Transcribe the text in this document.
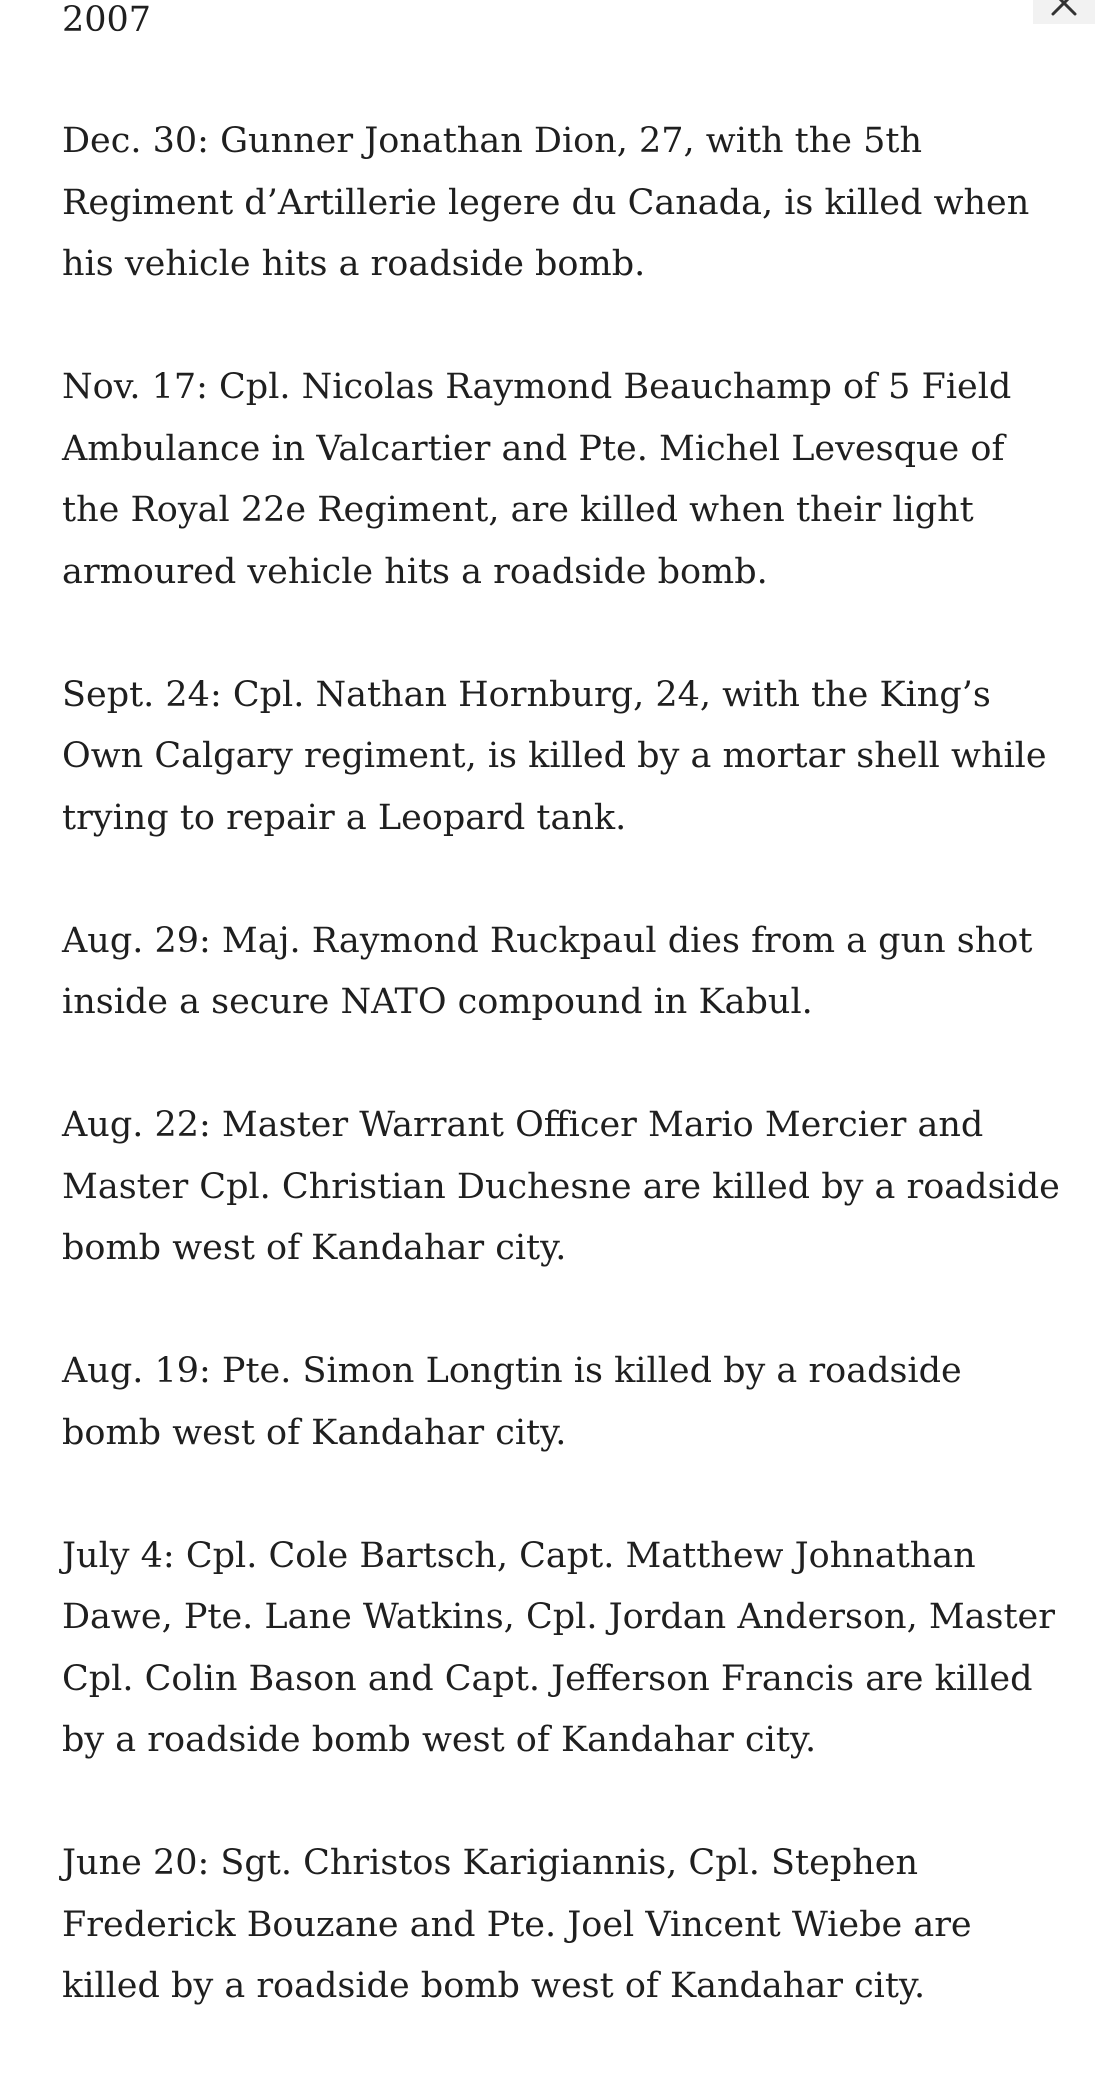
2007
Dec. 30: Gunner Jonathan Dion, 27, with the 5th Regiment d’Artillerie legere du Canada, is killed when his vehicle hits a roadside bomb.
Nov. 17: Cpl. Nicolas Raymond Beauchamp of 5 Field Ambulance in Valcartier and Pte. Michel Levesque of the Royal 22e Regiment, are killed when their light armoured vehicle hits a roadside bomb.
Sept. 24: Cpl. Nathan Hornburg, 24, with the King’s Own Calgary regiment, is killed by a mortar shell while trying to repair a Leopard tank.
Aug. 29: Maj. Raymond Ruckpaul dies from a gun shot inside a secure NATO compound in Kabul.
Aug. 22: Master Warrant Officer Mario Mercier and Master Cpl. Christian Duchesne are killed by a roadside bomb west of Kandahar city.
Aug. 19: Pte. Simon Longtin is killed by a roadside bomb west of Kandahar city.
July 4: Cpl. Cole Bartsch, Capt. Matthew Johnathan Dawe, Pte. Lane Watkins, Cpl. Jordan Anderson, Master Cpl. Colin Bason and Capt. Jefferson Francis are killed by a roadside bomb west of Kandahar city.
June 20: Sgt. Christos Karigiannis, Cpl. Stephen Frederick Bouzane and Pte. Joel Vincent Wiebe are killed by a roadside bomb west of Kandahar city.
